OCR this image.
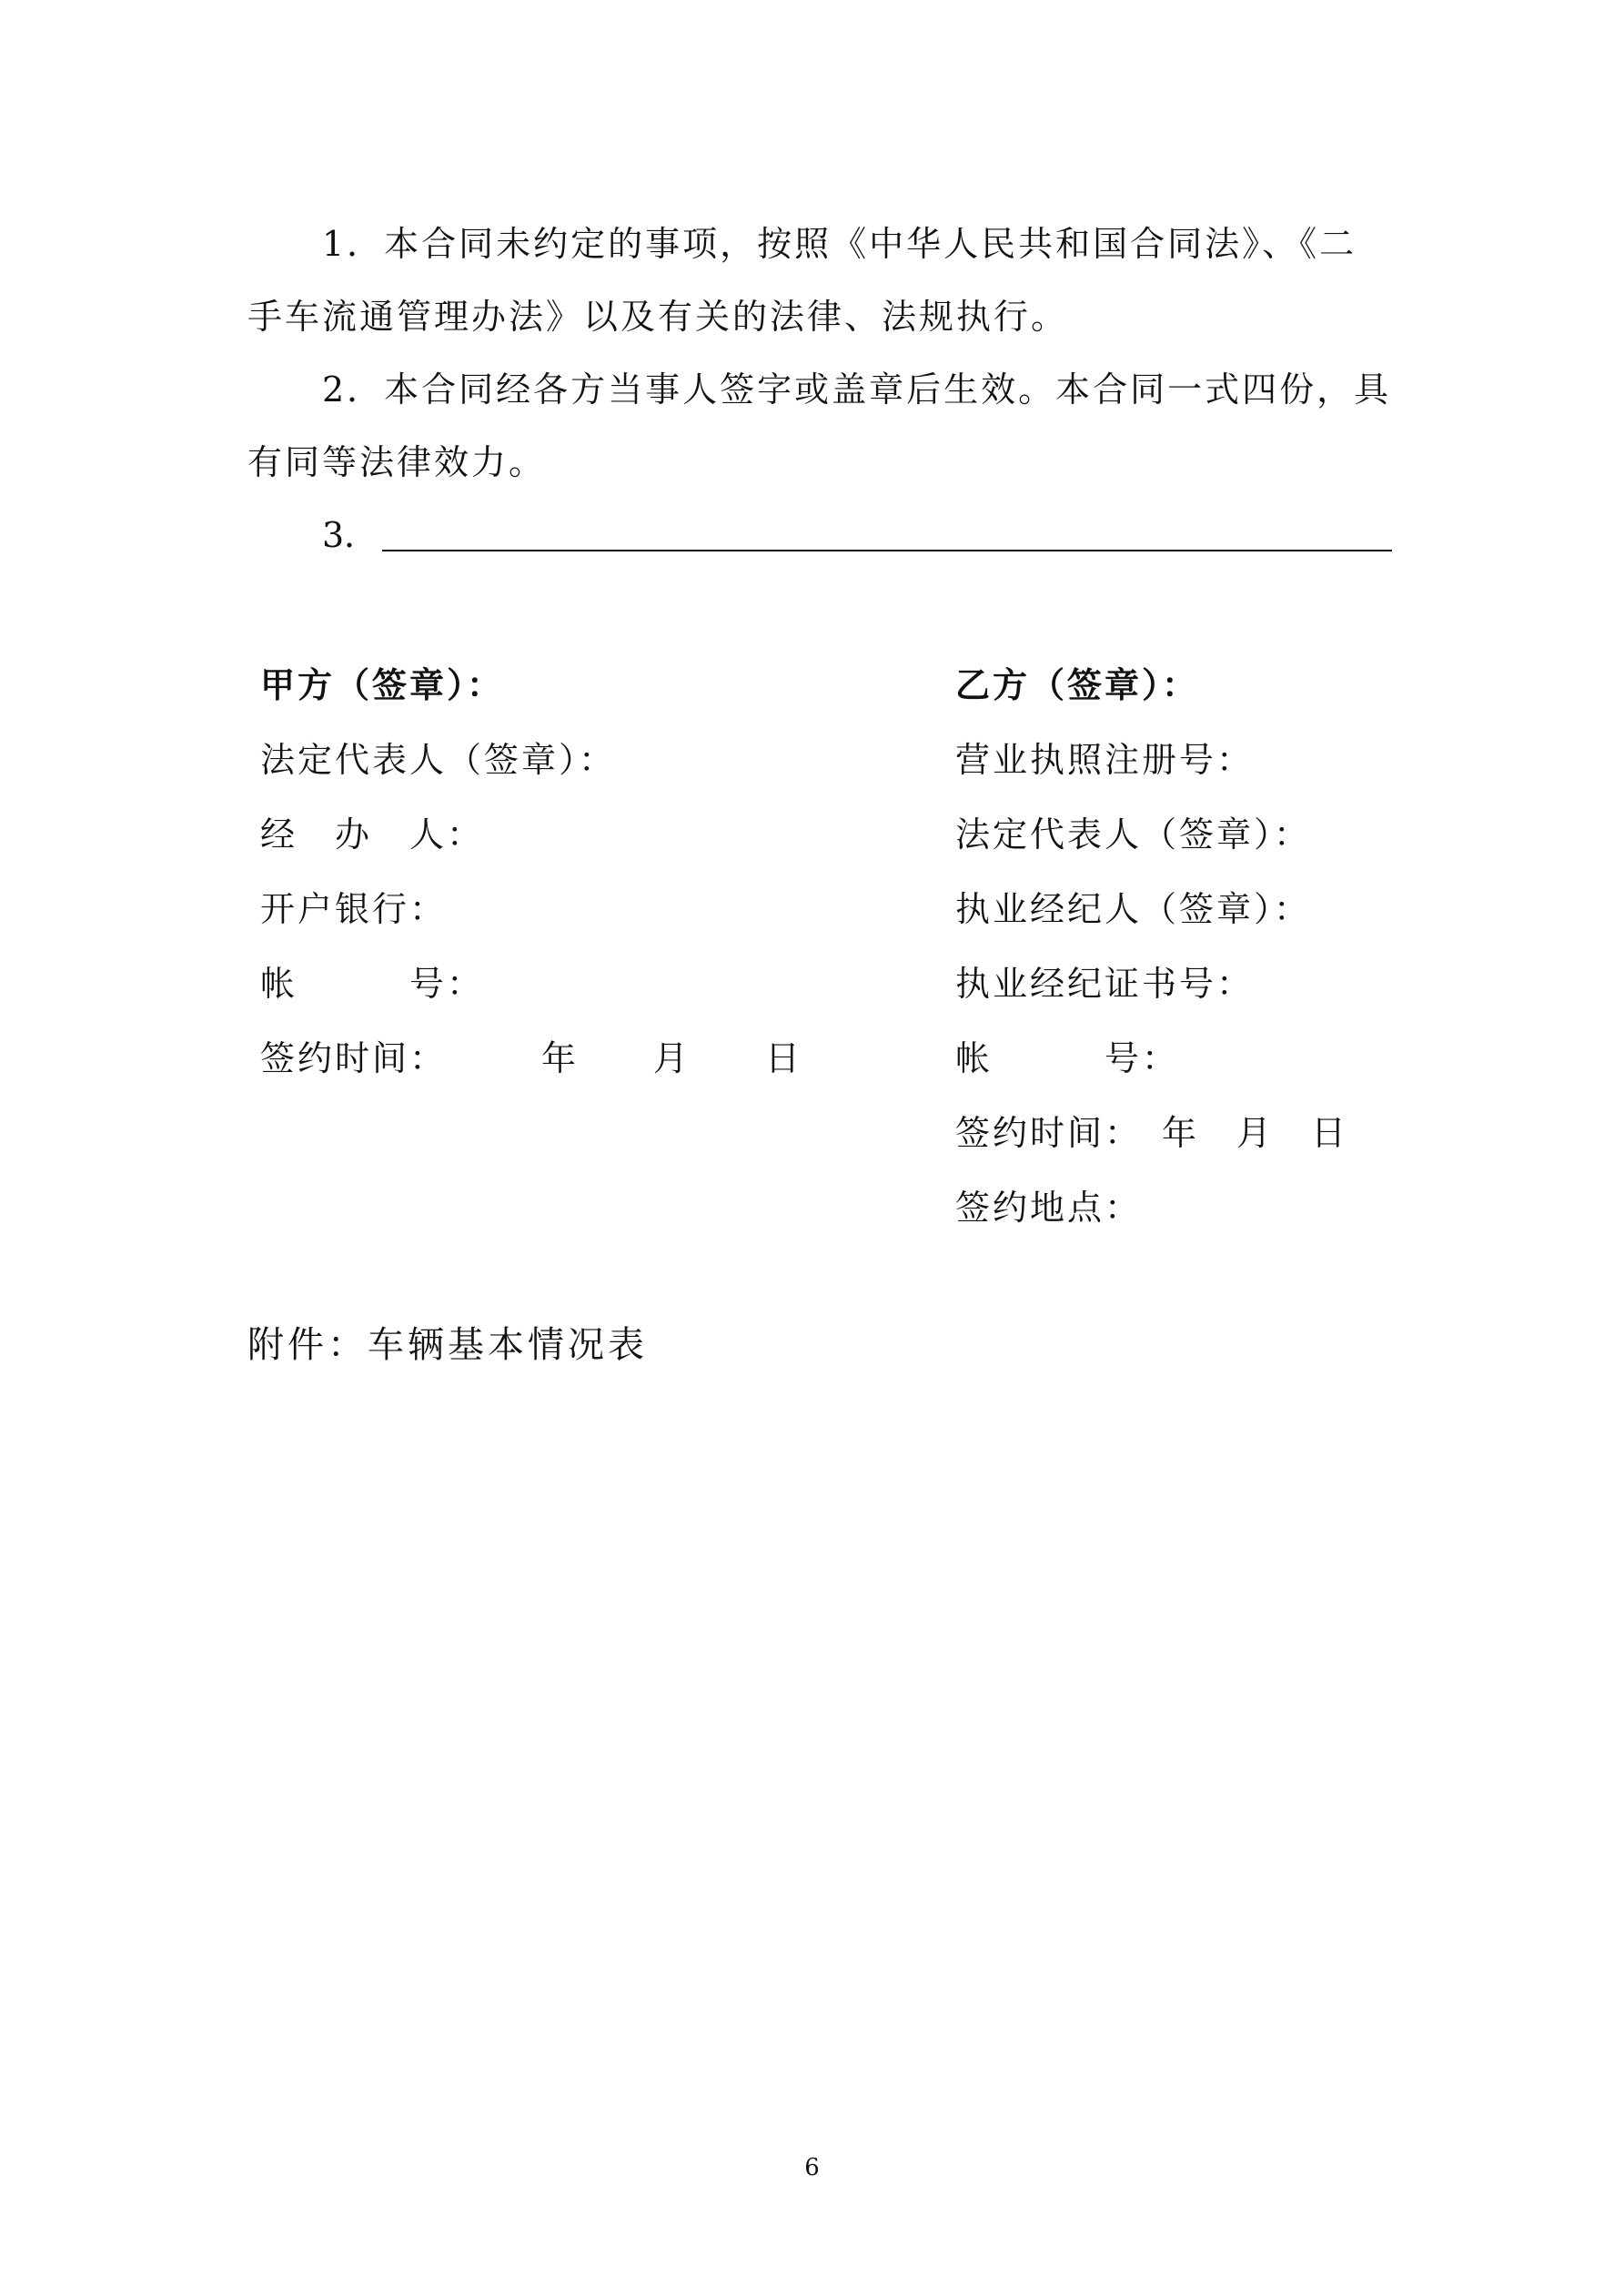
1．本合同未约定的事项，按照《中华人民共和国合同法》、《二手车流通管理办法》以及有关的法律、法规执行。

2．本合同经各方当事人签字或盖章后生效。本合同一式四份，具有同等法律效力。

3．
甲方（签章）：
法定代表人（签章）：
经　办　人：
开户银行：
帐　　　号：
签约时间：　　　年　　月　　日
乙方（签章）：
营业执照注册号：
法定代表人（签章）：
执业经纪人（签章）：
执业经纪证书号：
帐　　　号：
签约时间：　年　月　日
签约地点：

附件：车辆基本情况表

6
